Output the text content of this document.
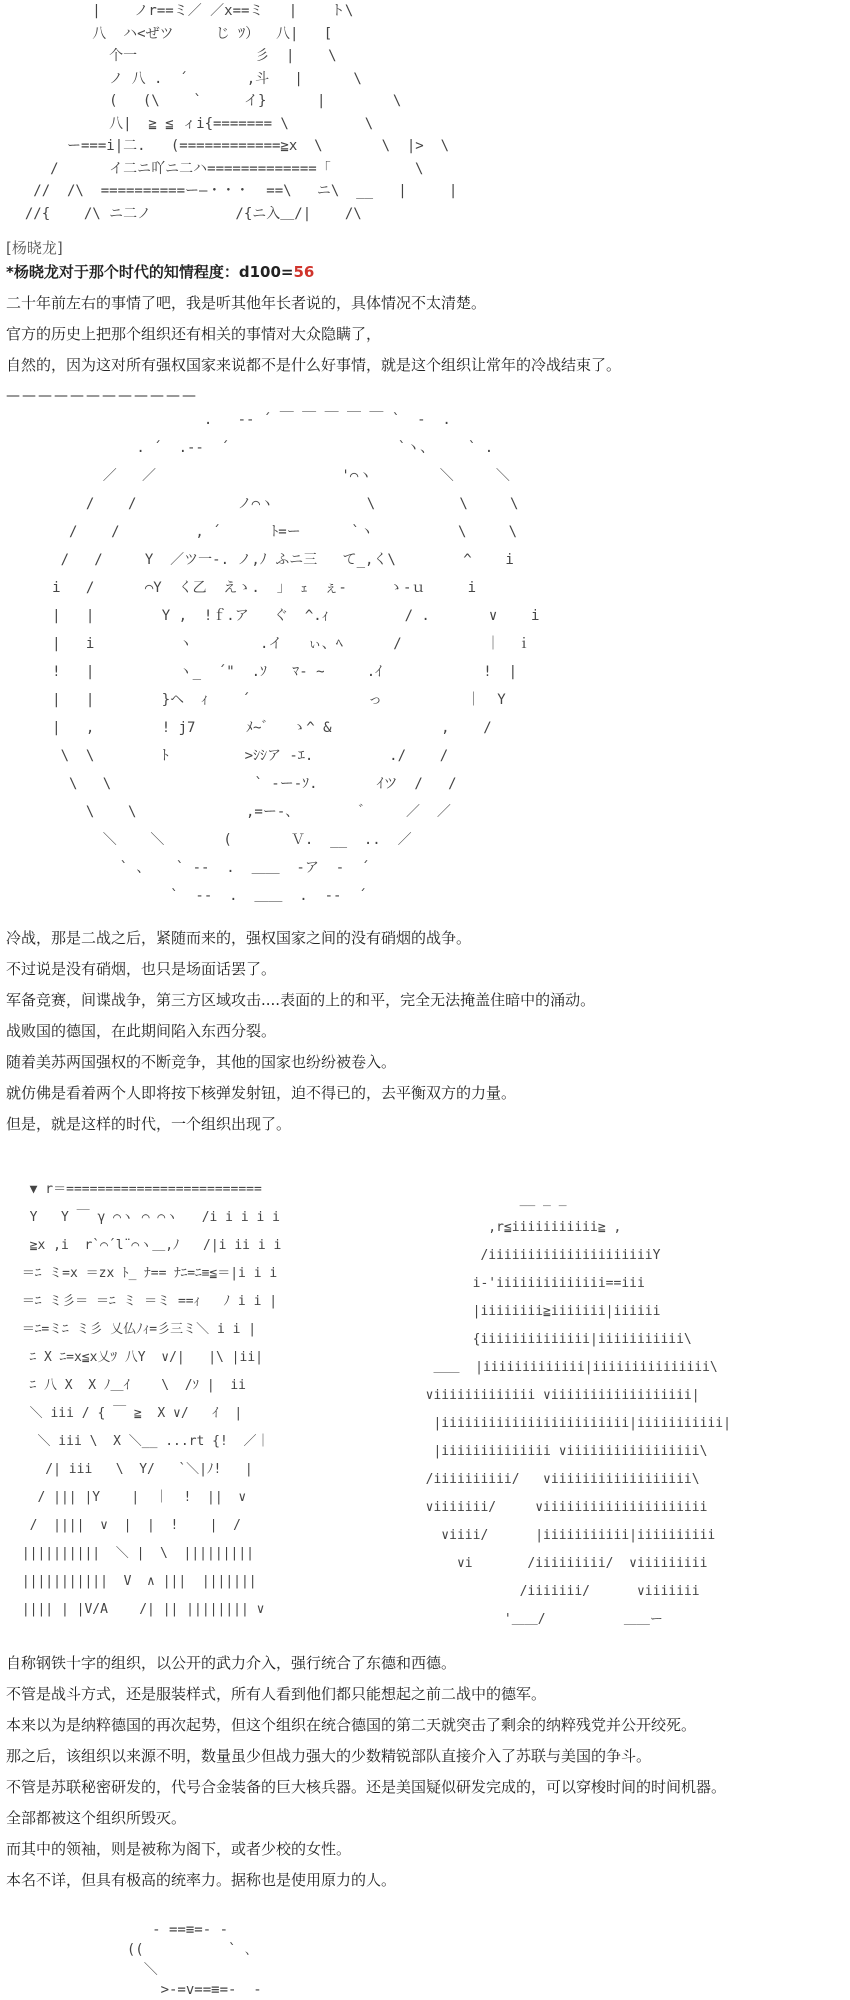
|    ノr==ミ／ ／x==ミ   |    ト\
八  ハ<ぜツ     じ ﾂ）  八|   [
个一              彡  |    \
ノ 八 .  ´       ,斗   |      \
(   (\    `     イ}      |        \
八|  ≧ ≦ ィi{======= \         \
ー===i|二.   (============≧x  \       \  |>  \
/      イ二ニ吖ニ二ハ=============「          \
//  /\  ==========ー―・・・  ==\   ニ\  __   |     |
//{    /\ ニ二ノ          /{ニ入＿/|    /\
[杨晓龙]
*杨晓龙对于那个时代的知情程度：d100=56
二十年前左右的事情了吧，我是听其他年长者说的，具体情况不太清楚。
官方的历史上把那个组织还有相关的事情对大众隐瞒了，
自然的，因为这对所有强权国家来说都不是什么好事情，就是这个组织让常年的冷战结束了。
————————————
.   -‐ ´ ￣ ￣ ￣ ￣ ￣ `  ‐  .
. ´  .-‐  ´                    `ヽ、    ` .
／   ／                      '⌒ヽ        ＼     ＼
/    /            ノ⌒ヽ           \          \     \
/    /         , ´      ﾄ=ー      `ヽ          \     \
/   /     Y  ／ツ一‐. ノ,ﾉ ふニ三   て_,く\        ^    i
i   /      ⌒Y  く乙  えゝ.  ｣  ｪ  ぇ‐     ゝ-ｕ     i
|   |        Y ,  !ｆ.ア   ぐ  ^.ｨ         / .       ∨    i
|   i          ヽ        .イ   ぃ、ﾍ      /          ｜  ｉ
!   |          ヽ_  ´"  .ｿ   ﾏ‐ ~     .ｲ            !  |
|   |        }ヘ  ｨ    ´              っ          ｜  Y
|   ,        ! j7      ﾒ~゛  ゝ^ &             ,    /
\  \        ﾄ         >ｼｼア -ｴ.         ./    /
\   \                 ` -ー-ｿ.       ｲツ  /   /
\    \             ,=ー-、       ゛    ／  ／
＼    ＼       (       Ｖ.  __  ..  ／
` 、   ` ‐-  .  ＿＿  -ア  ‐  ´
`  ‐-  .  ＿＿  .  -‐  ´
冷战，那是二战之后，紧随而来的，强权国家之间的没有硝烟的战争。
不过说是没有硝烟，也只是场面话罢了。
军备竞赛，间谍战争，第三方区域攻击....表面的上的和平，完全无法掩盖住暗中的涌动。
战败国的德国，在此期间陷入东西分裂。
随着美苏两国强权的不断竞争，其他的国家也纷纷被卷入。
就仿佛是看着两个人即将按下核弹发射钮，迫不得已的，去平衡双方的力量。
但是，就是这样的时代，一个组织出现了。
▼ r＝=========================
Y   Y ￣ γ ⌒ヽ ⌒ ⌒ヽ   /i i i i i
≧x ,i  r`⌒´l¨⌒ヽ＿,ﾉ   /|i ii i i
＝ﾆ ミ=x ＝zx ﾄ_ ﾅ== ﾅﾆ=ﾆ≡≦＝|i i i
＝ﾆ ミ彡＝ ＝ﾆ ミ ＝ミ ==ｨ   ﾉ i i |
＝ﾆ=ミﾆ ミ彡 乂仏ﾉｨ=彡三ミ＼ i i |
ﾆ X ﾆ=x≦x乂ﾂ 八Y  ∨/|   |\ |ii|
ﾆ 八 X  X ﾉ＿ｲ    \  /ｿ |  ii
＼ iii / { ￣ ≧  X ∨/   ｲ  |
＼ iii \  X ＼__ ...rt {!  ／｜
/| iii   \  Y/   `＼|ﾉ!   |
/ ||| |Y    |  ｜  !  ||  ∨
/  ||||  ∨  |  |  !    |  /
||||||||||  ＼ |  \  |||||||||
|||||||||||  V  ∧ |||  |||||||
|||| | |V/A    /| || |||||||| ∨
__ _ _
,r≦iiiiiiiiiii≧ ,
/iiiiiiiiiiiiiiiiiiiiiY
i‐'iiiiiiiiiiiiii==iii
|iiiiiiii≧iiiiiii|iiiiii
{iiiiiiiiiiiiii|iiiiiiiiiii\
＿＿  |iiiiiiiiiiiii|iiiiiiiiiiiiiii\
∨iiiiiiiiiiiii ∨iiiiiiiiiiiiiiiiii|
|iiiiiiiiiiiiiiiiiiiiiiii|iiiiiiiiiii|
|iiiiiiiiiiiiii ∨iiiiiiiiiiiiiiiii\
/iiiiiiiiii/   ∨iiiiiiiiiiiiiiiiii\
∨iiiiiii/     ∨iiiiiiiiiiiiiiiiiiiii
∨iiii/      |iiiiiiiiiii|iiiiiiiiii
∨i       /iiiiiiiii/  ∨iiiiiiiii
/iiiiiii/      ∨iiiiiii
'＿＿/          ＿＿ー
自称钢铁十字的组织，以公开的武力介入，强行统合了东德和西德。
不管是战斗方式，还是服装样式，所有人看到他们都只能想起之前二战中的德军。
本来以为是纳粹德国的再次起势，但这个组织在统合德国的第二天就突击了剩余的纳粹残党并公开绞死。
那之后，该组织以来源不明，数量虽少但战力强大的少数精锐部队直接介入了苏联与美国的争斗。
不管是苏联秘密研发的，代号合金装备的巨大核兵器。还是美国疑似研发完成的，可以穿梭时间的时间机器。
全部都被这个组织所毁灭。
而其中的领袖，则是被称为阁下，或者少校的女性。
本名不详，但具有极高的统率力。据称也是使用原力的人。
‐ ==≡=- -
((          ` ､
＼
>‐=v==≡=-  -
